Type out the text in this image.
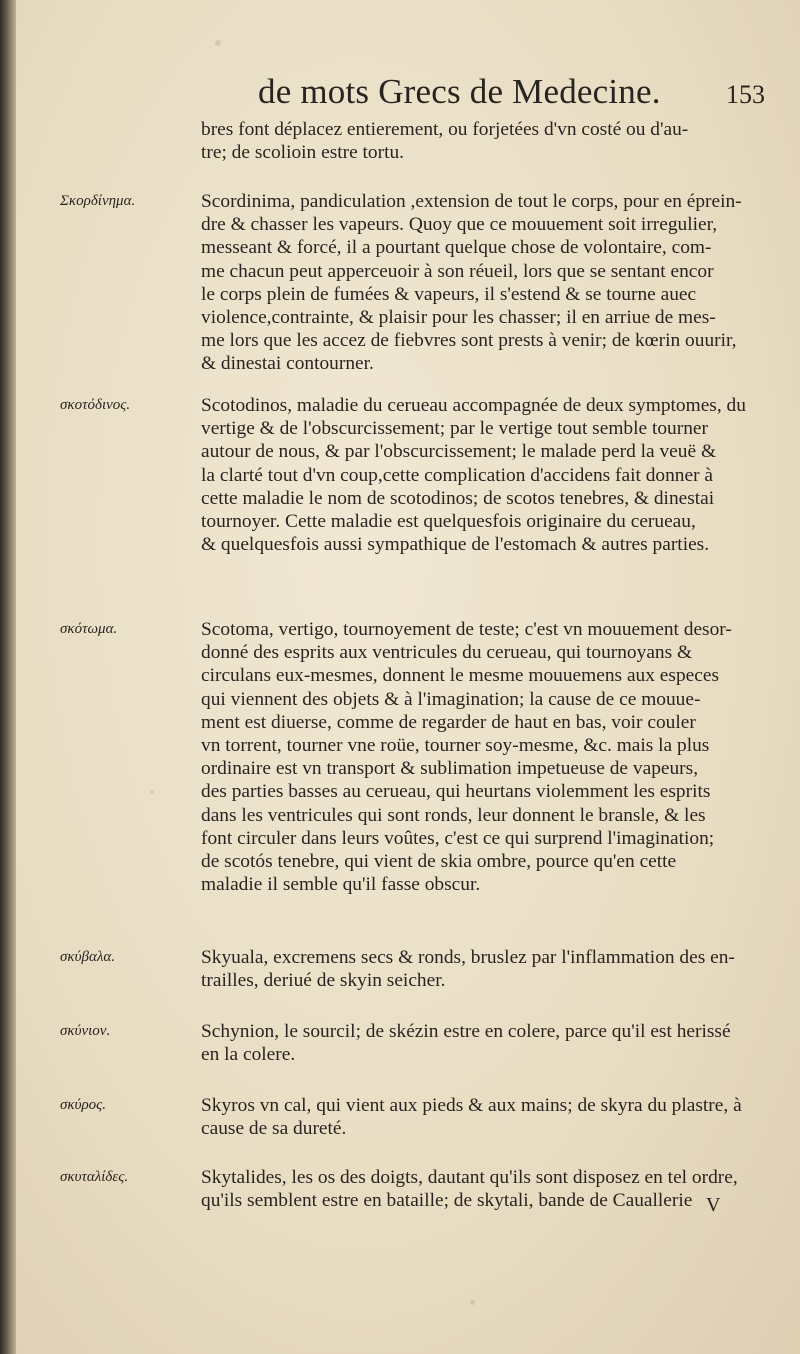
de mots Grecs de Medecine.	153
bres font déplacez entierement, ou forjetées d'vn costé ou d'au-
tre; de scolioin estre tortu.
Σκορδίνημα.	Scordinima, pandiculation ,extension de tout le corps, pour en éprein-
dre & chasser les vapeurs. Quoy que ce mouuement soit irregulier,
messeant & forcé, il a pourtant quelque chose de volontaire, com-
me chacun peut apperceuoir à son réueil, lors que se sentant encor
le corps plein de fumées & vapeurs, il s'estend & se tourne auec
violence,contrainte, & plaisir pour les chasser; il en arriue de mes-
me lors que les accez de fiebvres sont prests à venir; de kœrin ouurir,
& dinestai contourner.
σκοτόδινος.	Scotodinos, maladie du cerueau accompagnée de deux symptomes, du
vertige & de l'obscurcissement; par le vertige tout semble tourner
autour de nous, & par l'obscurcissement; le malade perd la veuë &
la clarté tout d'vn coup,cette complication d'accidens fait donner à
cette maladie le nom de scotodinos; de scotos tenebres, & dinestai
tournoyer. Cette maladie est quelquesfois originaire du cerueau,
& quelquesfois aussi sympathique de l'estomach & autres parties.
σκότωμα.	Scotoma, vertigo, tournoyement de teste; c'est vn mouuement desor-
donné des esprits aux ventricules du cerueau, qui tournoyans &
circulans eux-mesmes, donnent le mesme mouuemens aux especes
qui viennent des objets & à l'imagination; la cause de ce mouue-
ment est diuerse, comme de regarder de haut en bas, voir couler
vn torrent, tourner vne roüe, tourner soy-mesme, &c. mais la plus
ordinaire est vn transport & sublimation impetueuse de vapeurs,
des parties basses au cerueau, qui heurtans violemment les esprits
dans les ventricules qui sont ronds, leur donnent le bransle, & les
font circuler dans leurs voûtes, c'est ce qui surprend l'imagination;
de scotós tenebre, qui vient de skia ombre, pource qu'en cette
maladie il semble qu'il fasse obscur.
σκύβαλα.	Skyuala, excremens secs & ronds, bruslez par l'inflammation des en-
trailles, deriué de skyin seicher.
σκύνιον.	Schynion, le sourcil; de skézin estre en colere, parce qu'il est herissé
en la colere.
σκύρος.	Skyros vn cal, qui vient aux pieds & aux mains; de skyra du plastre, à
cause de sa dureté.
σκυταλίδες.	Skytalides, les os des doigts, dautant qu'ils sont disposez en tel ordre,
qu'ils semblent estre en bataille; de skytali, bande de Cauallerie V
